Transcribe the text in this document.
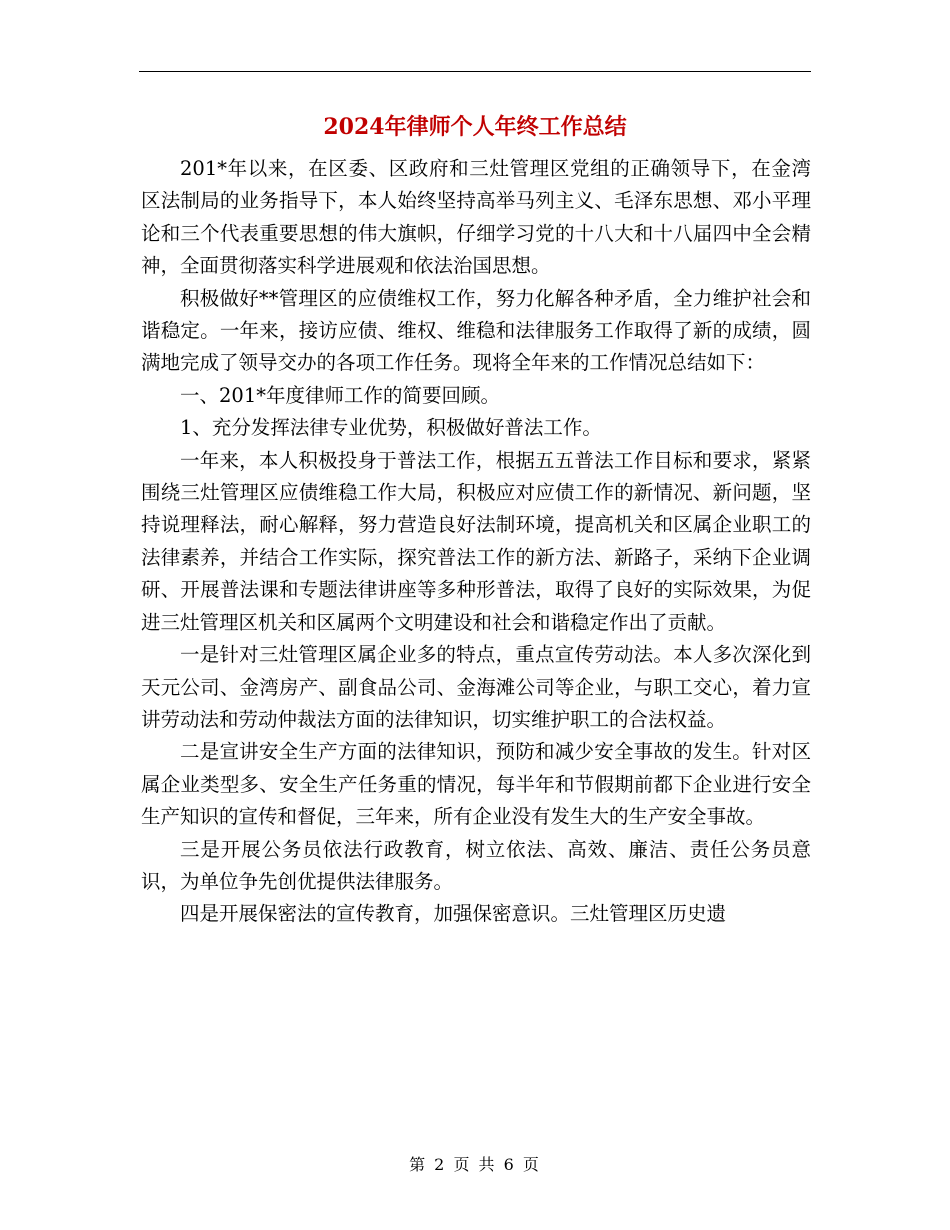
2024年律师个人年终工作总结

201*年以来，在区委、区政府和三灶管理区党组的正确领导下，在金湾区法制局的业务指导下，本人始终坚持高举马列主义、毛泽东思想、邓小平理论和三个代表重要思想的伟大旗帜，仔细学习党的十八大和十八届四中全会精神，全面贯彻落实科学进展观和依法治国思想。

积极做好**管理区的应债维权工作，努力化解各种矛盾，全力维护社会和谐稳定。一年来，接访应债、维权、维稳和法律服务工作取得了新的成绩，圆满地完成了领导交办的各项工作任务。现将全年来的工作情况总结如下：

一、201*年度律师工作的简要回顾。

1、充分发挥法律专业优势，积极做好普法工作。

一年来，本人积极投身于普法工作，根据五五普法工作目标和要求，紧紧围绕三灶管理区应债维稳工作大局，积极应对应债工作的新情况、新问题，坚持说理释法，耐心解释，努力营造良好法制环境，提高机关和区属企业职工的法律素养，并结合工作实际，探究普法工作的新方法、新路子，采纳下企业调研、开展普法课和专题法律讲座等多种形普法，取得了良好的实际效果，为促进三灶管理区机关和区属两个文明建设和社会和谐稳定作出了贡献。

一是针对三灶管理区属企业多的特点，重点宣传劳动法。本人多次深化到天元公司、金湾房产、副食品公司、金海滩公司等企业，与职工交心，着力宣讲劳动法和劳动仲裁法方面的法律知识，切实维护职工的合法权益。

二是宣讲安全生产方面的法律知识，预防和减少安全事故的发生。针对区属企业类型多、安全生产任务重的情况，每半年和节假期前都下企业进行安全生产知识的宣传和督促，三年来，所有企业没有发生大的生产安全事故。

三是开展公务员依法行政教育，树立依法、高效、廉洁、责任公务员意识，为单位争先创优提供法律服务。

四是开展保密法的宣传教育，加强保密意识。三灶管理区历史遗

第 2 页 共 6 页
